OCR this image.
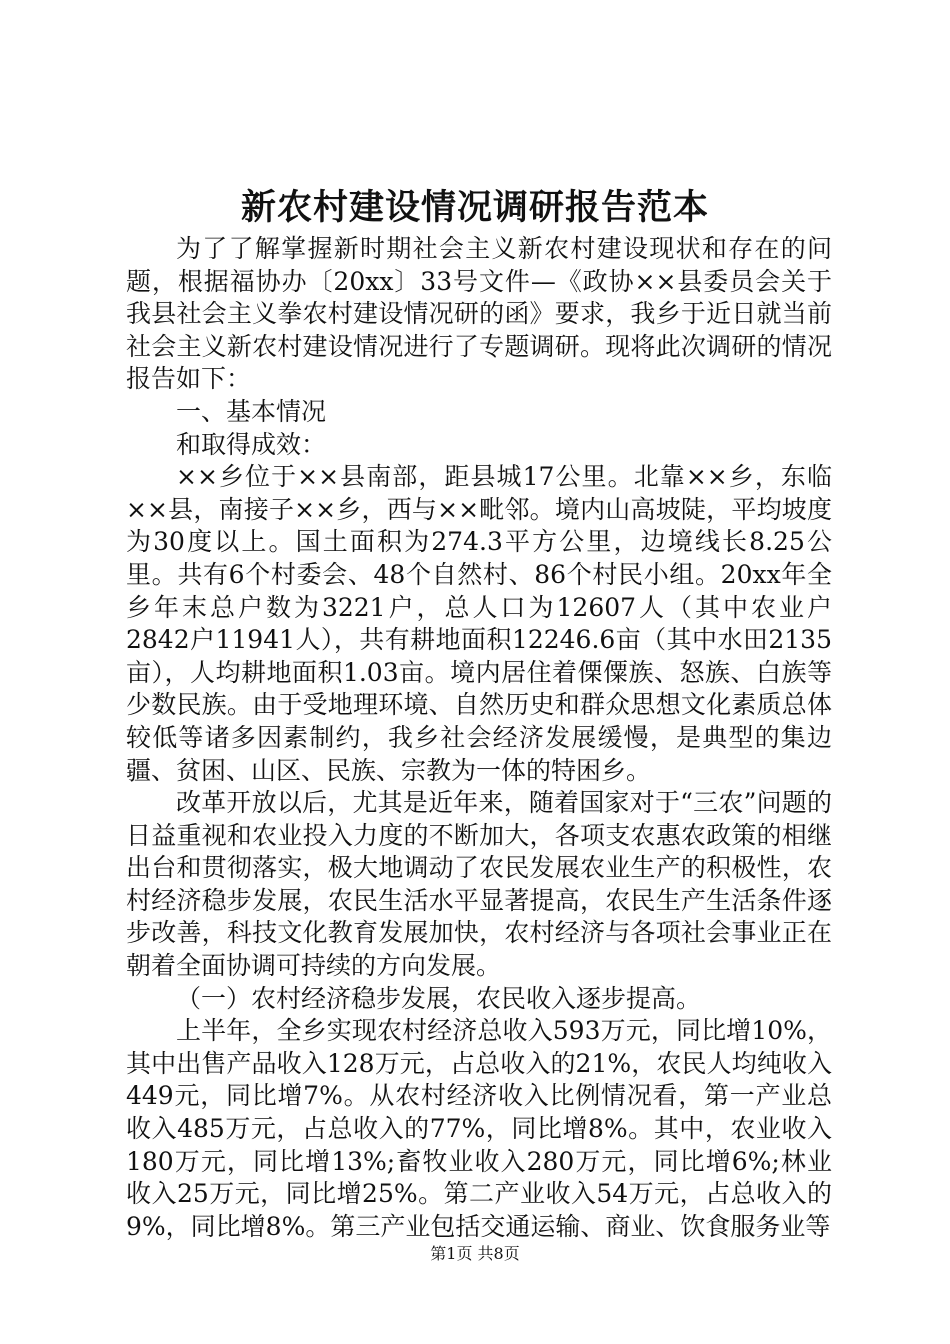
新农村建设情况调研报告范本

为了了解掌握新时期社会主义新农村建设现状和存在的问题，根据福协办〔20xx〕33号文件—《政协××县委员会关于我县社会主义拳农村建设情况研的函》要求，我乡于近日就当前社会主义新农村建设情况进行了专题调研。现将此次调研的情况报告如下：

一、基本情况

和取得成效：

××乡位于××县南部，距县城17公里。北靠××乡，东临××县，南接子××乡，西与××毗邻。境内山高坡陡，平均坡度为30度以上。国土面积为274.3平方公里，边境线长8.25公里。共有6个村委会、48个自然村、86个村民小组。20xx年全乡年末总户数为3221户，总人口为12607人（其中农业户2842户11941人），共有耕地面积12246.6亩（其中水田2135亩），人均耕地面积1.03亩。境内居住着傈僳族、怒族、白族等少数民族。由于受地理环境、自然历史和群众思想文化素质总体较低等诸多因素制约，我乡社会经济发展缓慢，是典型的集边疆、贫困、山区、民族、宗教为一体的特困乡。

改革开放以后，尤其是近年来，随着国家对于“三农”问题的日益重视和农业投入力度的不断加大，各项支农惠农政策的相继出台和贯彻落实，极大地调动了农民发展农业生产的积极性，农村经济稳步发展，农民生活水平显著提高，农民生产生活条件逐步改善，科技文化教育发展加快，农村经济与各项社会事业正在朝着全面协调可持续的方向发展。

（一）农村经济稳步发展，农民收入逐步提高。

上半年，全乡实现农村经济总收入593万元，同比增10%，其中出售产品收入128万元，占总收入的21%，农民人均纯收入449元，同比增7%。从农村经济收入比例情况看，第一产业总收入485万元，占总收入的77%，同比增8%。其中，农业收入180万元，同比增13%;畜牧业收入280万元，同比增6%;林业收入25万元，同比增25%。第二产业收入54万元，占总收入的9%，同比增8%。第三产业包括交通运输、商业、饮食服务业等

第1页 共8页
